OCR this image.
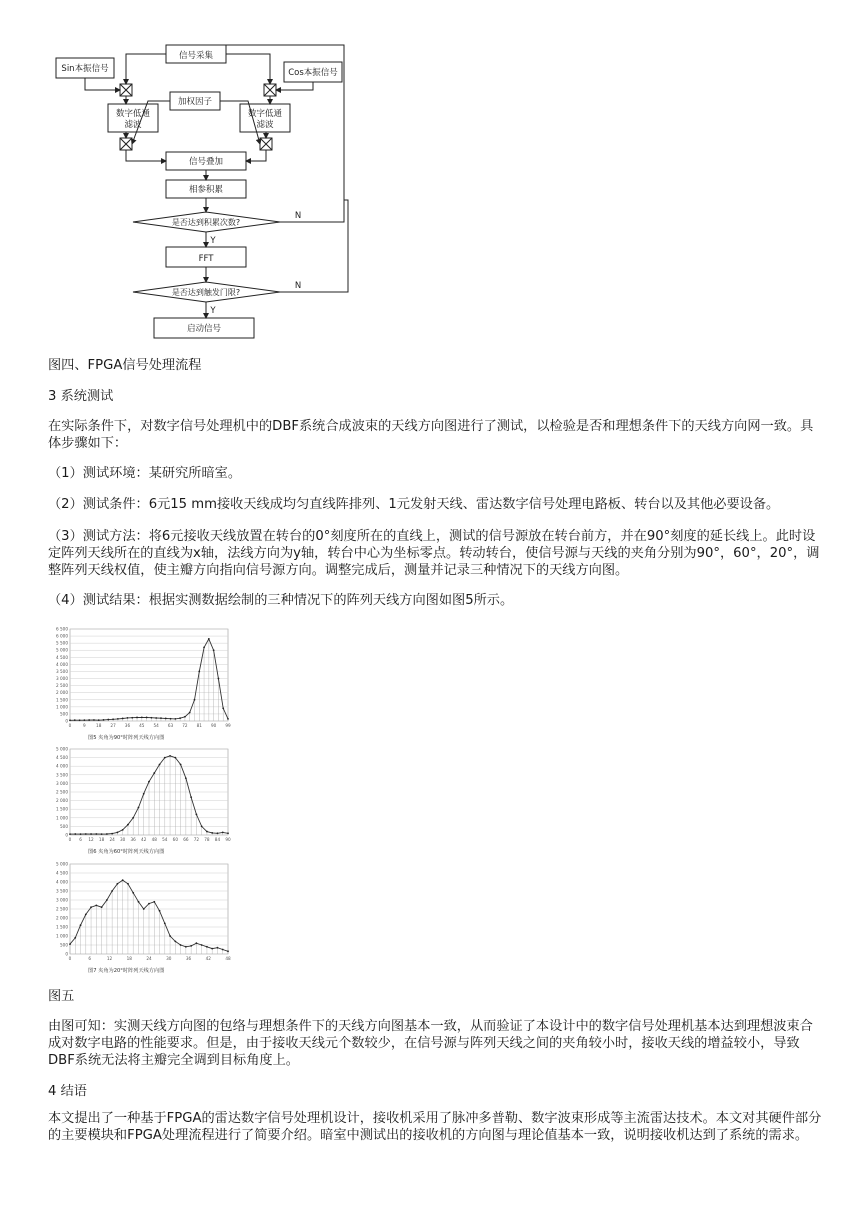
信号采集
Sin本振信号	Cos本振信号
数字低通
滤波
数字低通
滤波
加权因子
信号叠加
相参积累
是否达到积累次数?
FFT
是否达到触发门限?
启动信号
Y
Y
N
N
图四、FPGA信号处理流程
3 系统测试
在实际条件下，对数字信号处理机中的DBF系统合成波束的天线方向图进行了测试，以检验是否和理想条件下的天线方向网一致。具体步骤如下：
（1）测试环境：某研究所暗室。
（2）测试条件：6元15 mm接收天线成均匀直线阵排列、1元发射天线、雷达数字信号处理电路板、转台以及其他必要设备。
（3）测试方法：将6元接收天线放置在转台的0°刻度所在的直线上，测试的信号源放在转台前方，并在90°刻度的延长线上。此时设定阵列天线所在的直线为x轴，法线方向为y轴，转台中心为坐标零点。转动转台，使信号源与天线的夹角分别为90°，60°，20°，调整阵列天线权值，使主瓣方向指向信号源方向。调整完成后，测量并记录三种情况下的天线方向图。
（4）测试结果：根据实测数据绘制的三种情况下的阵列天线方向图如图5所示。
0
500
1 000
1 500
2 000
2 500
3 000
3 500
4 000
4 500
5 000
5 500
6 000
6 500
0	9 18 27 36 45 54 63 72 81 90 99
图5 夹角为90°时阵列天线方向图
0
500
1 000
1 500
2 000
2 500
3 000
3 500
4 000
4 500
5 000
0 6 12 18 24 30 36 42 48 54 60 66 72 78 84 90
图6 夹角为60°时阵列天线方向图
0
500
1 000
1 500
2 000
2 500
3 000
3 500
4 000
4 500
5 000
0	6	12	18	24	30	36	42	48
图7 夹角为20°时阵列天线方向图
图五
由图可知：实测天线方向图的包络与理想条件下的天线方向图基本一致，从而验证了本设计中的数字信号处理机基本达到理想波束合成对数字电路的性能要求。但是，由于接收天线元个数较少，在信号源与阵列天线之间的夹角较小时，接收天线的增益较小，导致DBF系统无法将主瓣完全调到目标角度上。
4 结语
本文提出了一种基于FPGA的雷达数字信号处理机设计，接收机采用了脉冲多普勒、数字波束形成等主流雷达技术。本文对其硬件部分的主要模块和FPGA处理流程进行了简要介绍。暗室中测试出的接收机的方向图与理论值基本一致，说明接收机达到了系统的需求。
